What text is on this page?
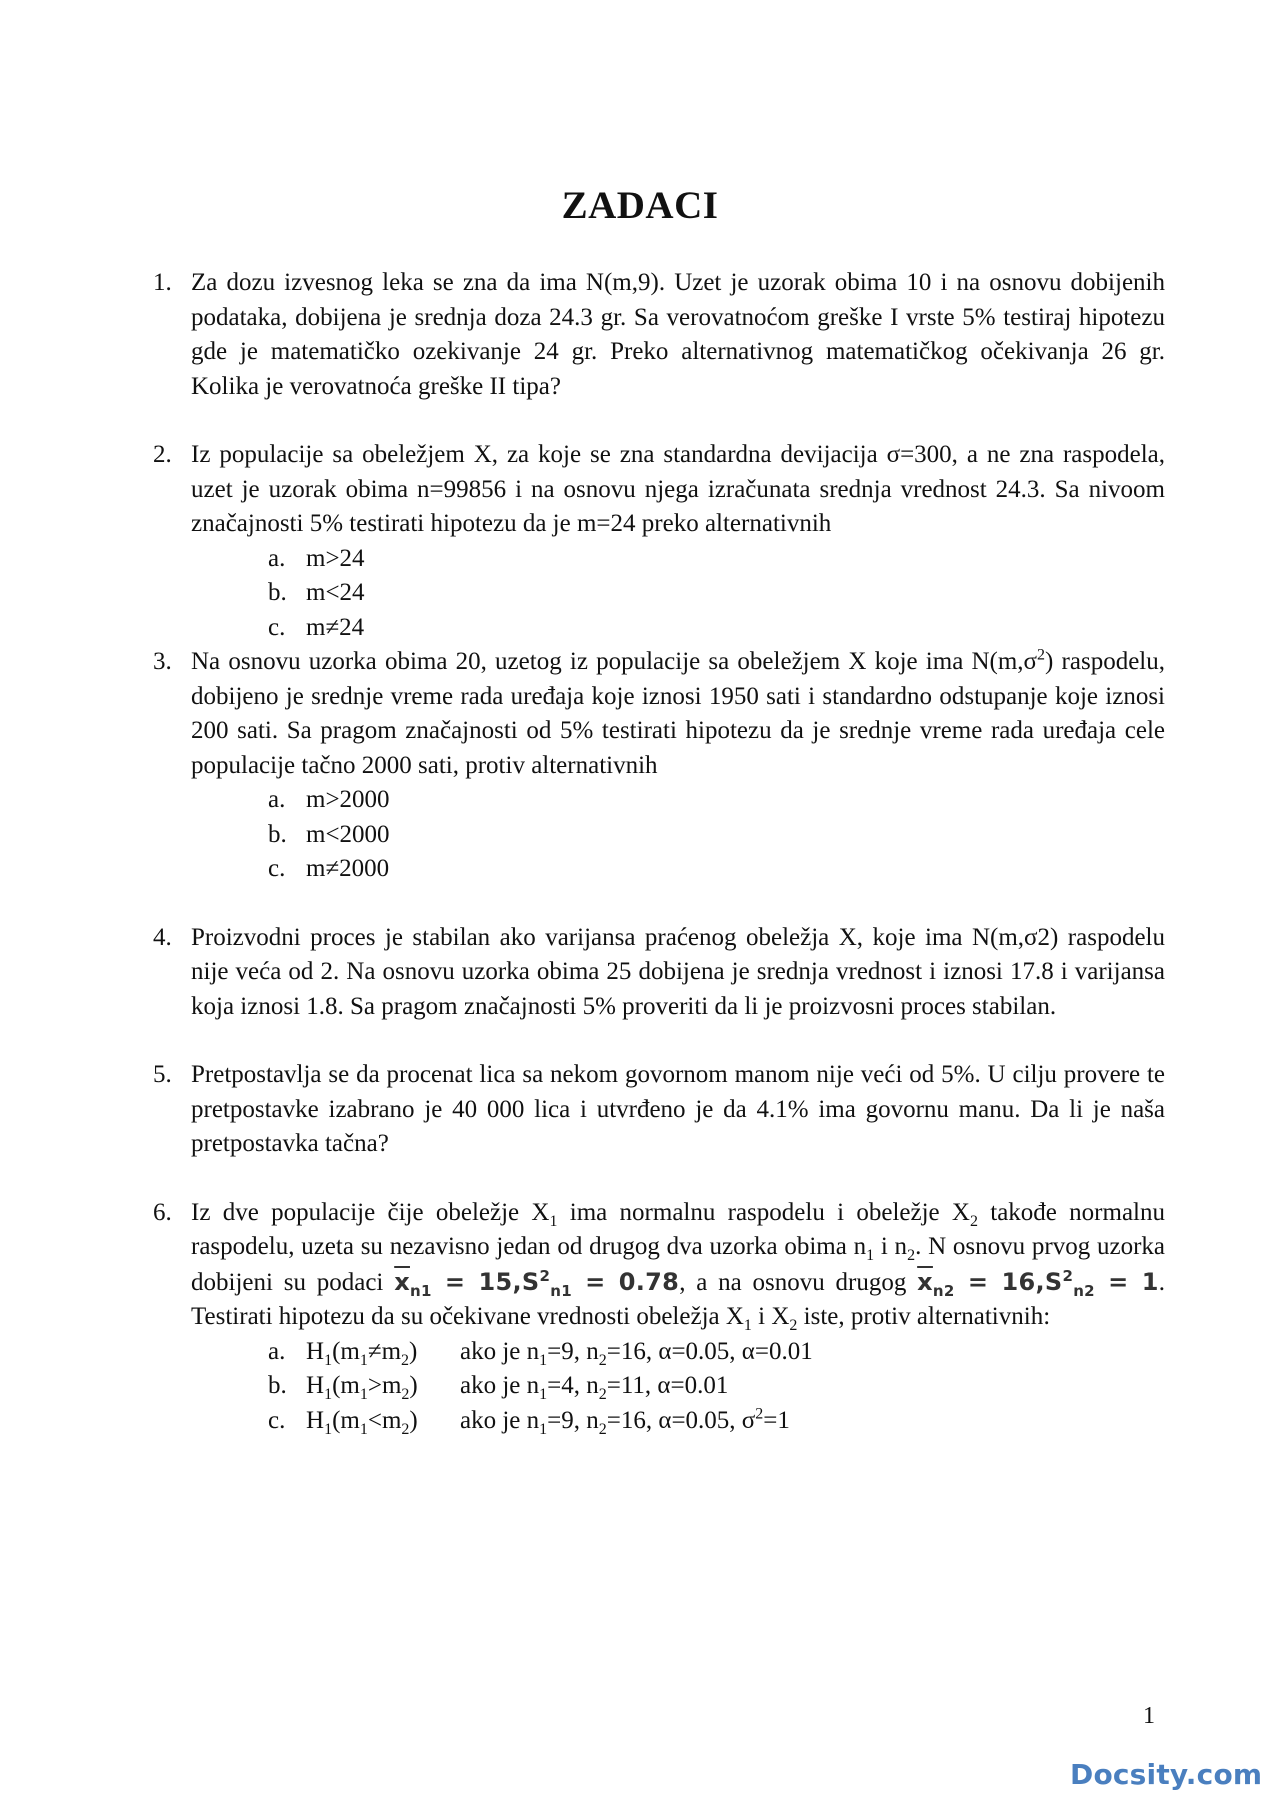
ZADACI
1. Za dozu izvesnog leka se zna da ima N(m,9). Uzet je uzorak obima 10 i na osnovu dobijenih podataka, dobijena je srednja doza 24.3 gr. Sa verovatnoćom greške I vrste 5% testiraj hipotezu gde je matematičko ozekivanje 24 gr. Preko alternativnog matematičkog očekivanja 26 gr. Kolika je verovatnoća greške II tipa?
2. Iz populacije sa obeležjem X, za koje se zna standardna devijacija σ=300, a ne zna raspodela, uzet je uzorak obima n=99856 i na osnovu njega izračunata srednja vrednost 24.3. Sa nivoom značajnosti 5% testirati hipotezu da je m=24 preko alternativnih
a. m>24
b. m<24
c. m≠24
3. Na osnovu uzorka obima 20, uzetog iz populacije sa obeležjem X koje ima $N(m,\sigma^2)$ raspodelu, dobijeno je srednje vreme rada uređaja koje iznosi 1950 sati i standardno odstupanje koje iznosi 200 sati. Sa pragom značajnosti od 5% testirati hipotezu da je srednje vreme rada uređaja cele populacije tačno 2000 sati, protiv alternativnih
a. m>2000
b. m<2000
c. m≠2000
4. Proizvodni proces je stabilan ako varijansa praćenog obeležja X, koje ima N(m,σ2) raspodelu nije veća od 2. Na osnovu uzorka obima 25 dobijena je srednja vrednost i iznosi 17.8 i varijansa koja iznosi 1.8. Sa pragom značajnosti 5% proveriti da li je proizvosni proces stabilan.
5. Pretpostavlja se da procenat lica sa nekom govornom manom nije veći od 5%. U cilju provere te pretpostavke izabrano je 40 000 lica i utvrđeno je da 4.1% ima govornu manu. Da li je naša pretpostavka tačna?
6. Iz dve populacije čije obeležje $X_1$ ima normalnu raspodelu i obeležje $X_2$ takođe normalnu raspodelu, uzeta su nezavisno jedan od drugog dva uzorka obima $n_1$ i $n_2$. N osnovu prvog uzorka dobijeni su podaci $\overline{x}_{n1} = 15,S^2_{n1} = 0.78$, a na osnovu drugog $\overline{x}_{n2} = 16,S^2_{n2} = 1$. Testirati hipotezu da su očekivane vrednosti obeležja $X_1$ i $X_2$ iste, protiv alternativnih:
a. $H_1(m_1\ne m_2)$ ako je $n_1=9$, $n_2=16$, α=0.05, α=0.01
b. $H_1(m_1>m_2)$ ako je $n_1=4$, $n_2=11$, α=0.01
c. $H_1(m_1<m_2)$ ako je $n_1=9$, $n_2=16$, α=0.05, $\sigma^2=1$
1
Docsity.com
